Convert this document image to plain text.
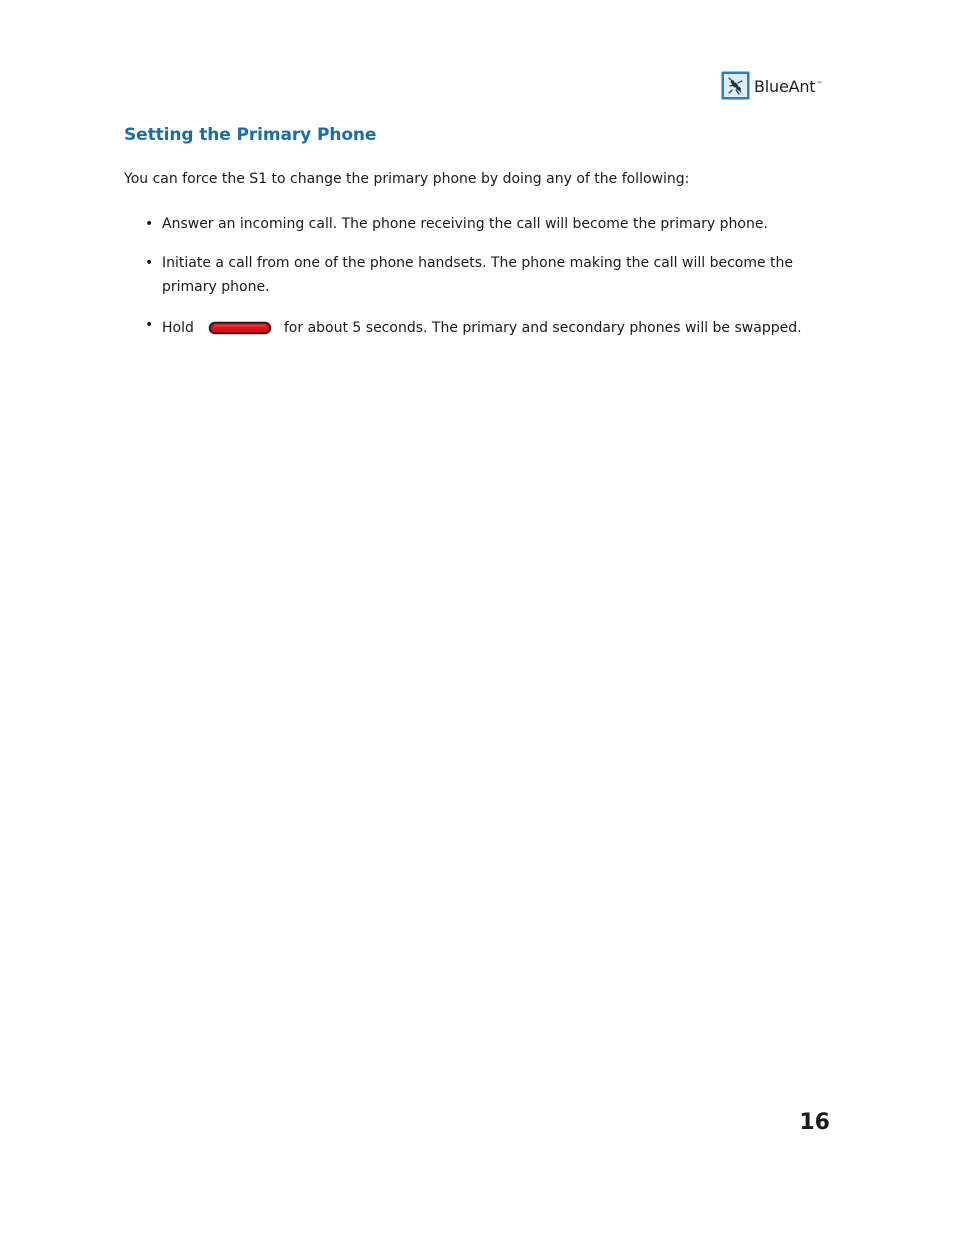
BlueAnt™
Setting the Primary Phone

You can force the S1 to change the primary phone by doing any of the following:

• Answer an incoming call. The phone receiving the call will become the primary phone.
• Initiate a call from one of the phone handsets. The phone making the call will become the primary phone.
• Hold	for about 5 seconds. The primary and secondary phones will be swapped.
16
